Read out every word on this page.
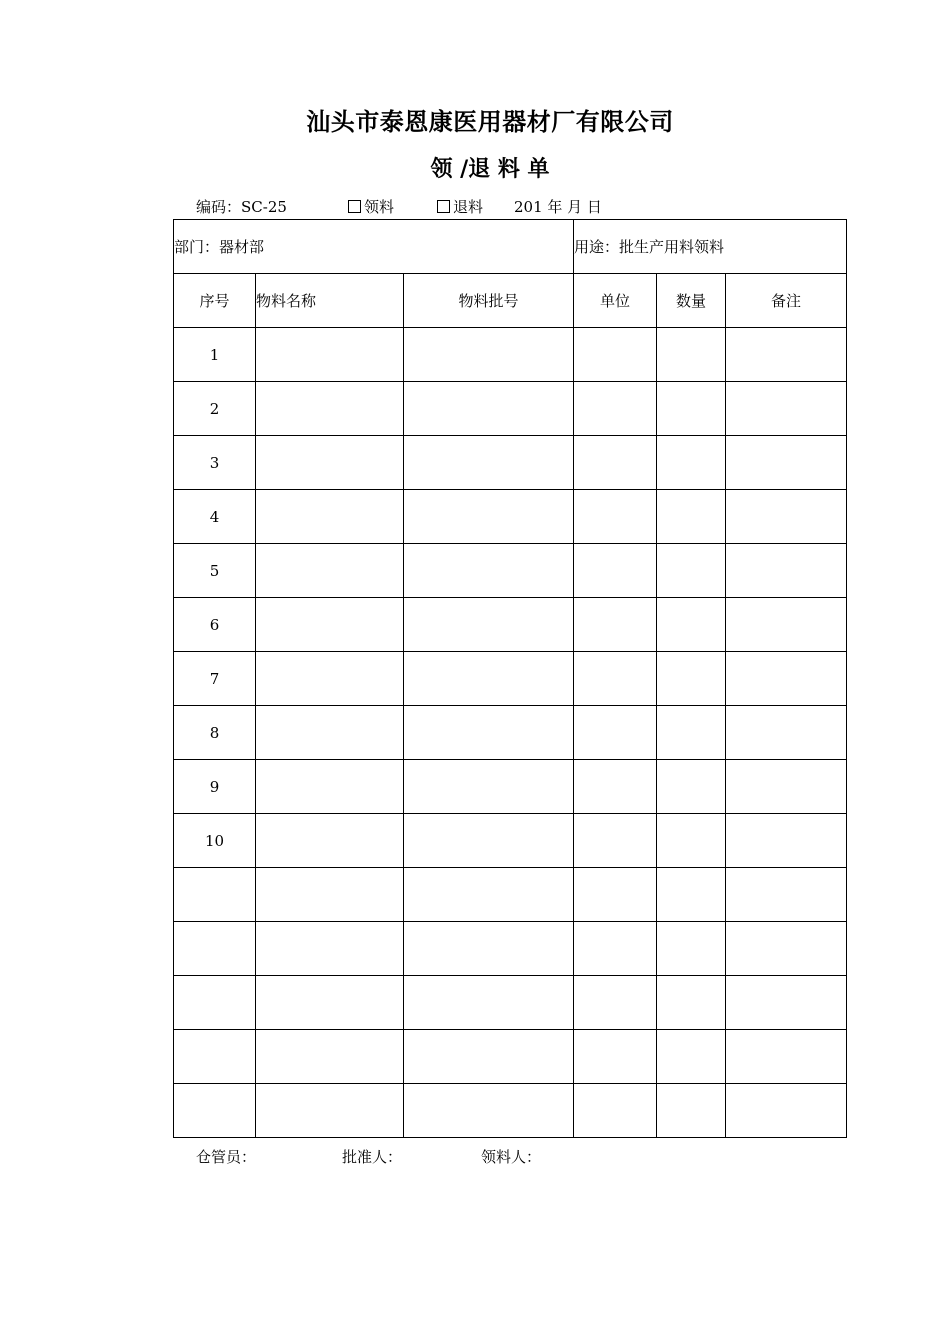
汕头市泰恩康医用器材厂有限公司
领 /退 料 单
编码：SC-25	领料	退料 201 年 月 日
部门：器材部			用途：批生产用料领料		
序号	物料名称	物料批号	单位	数量	备注
1					
2					
3					
4					
5					
6					
7					
8					
9					
10					

仓管员：	批准人：	领料人：
